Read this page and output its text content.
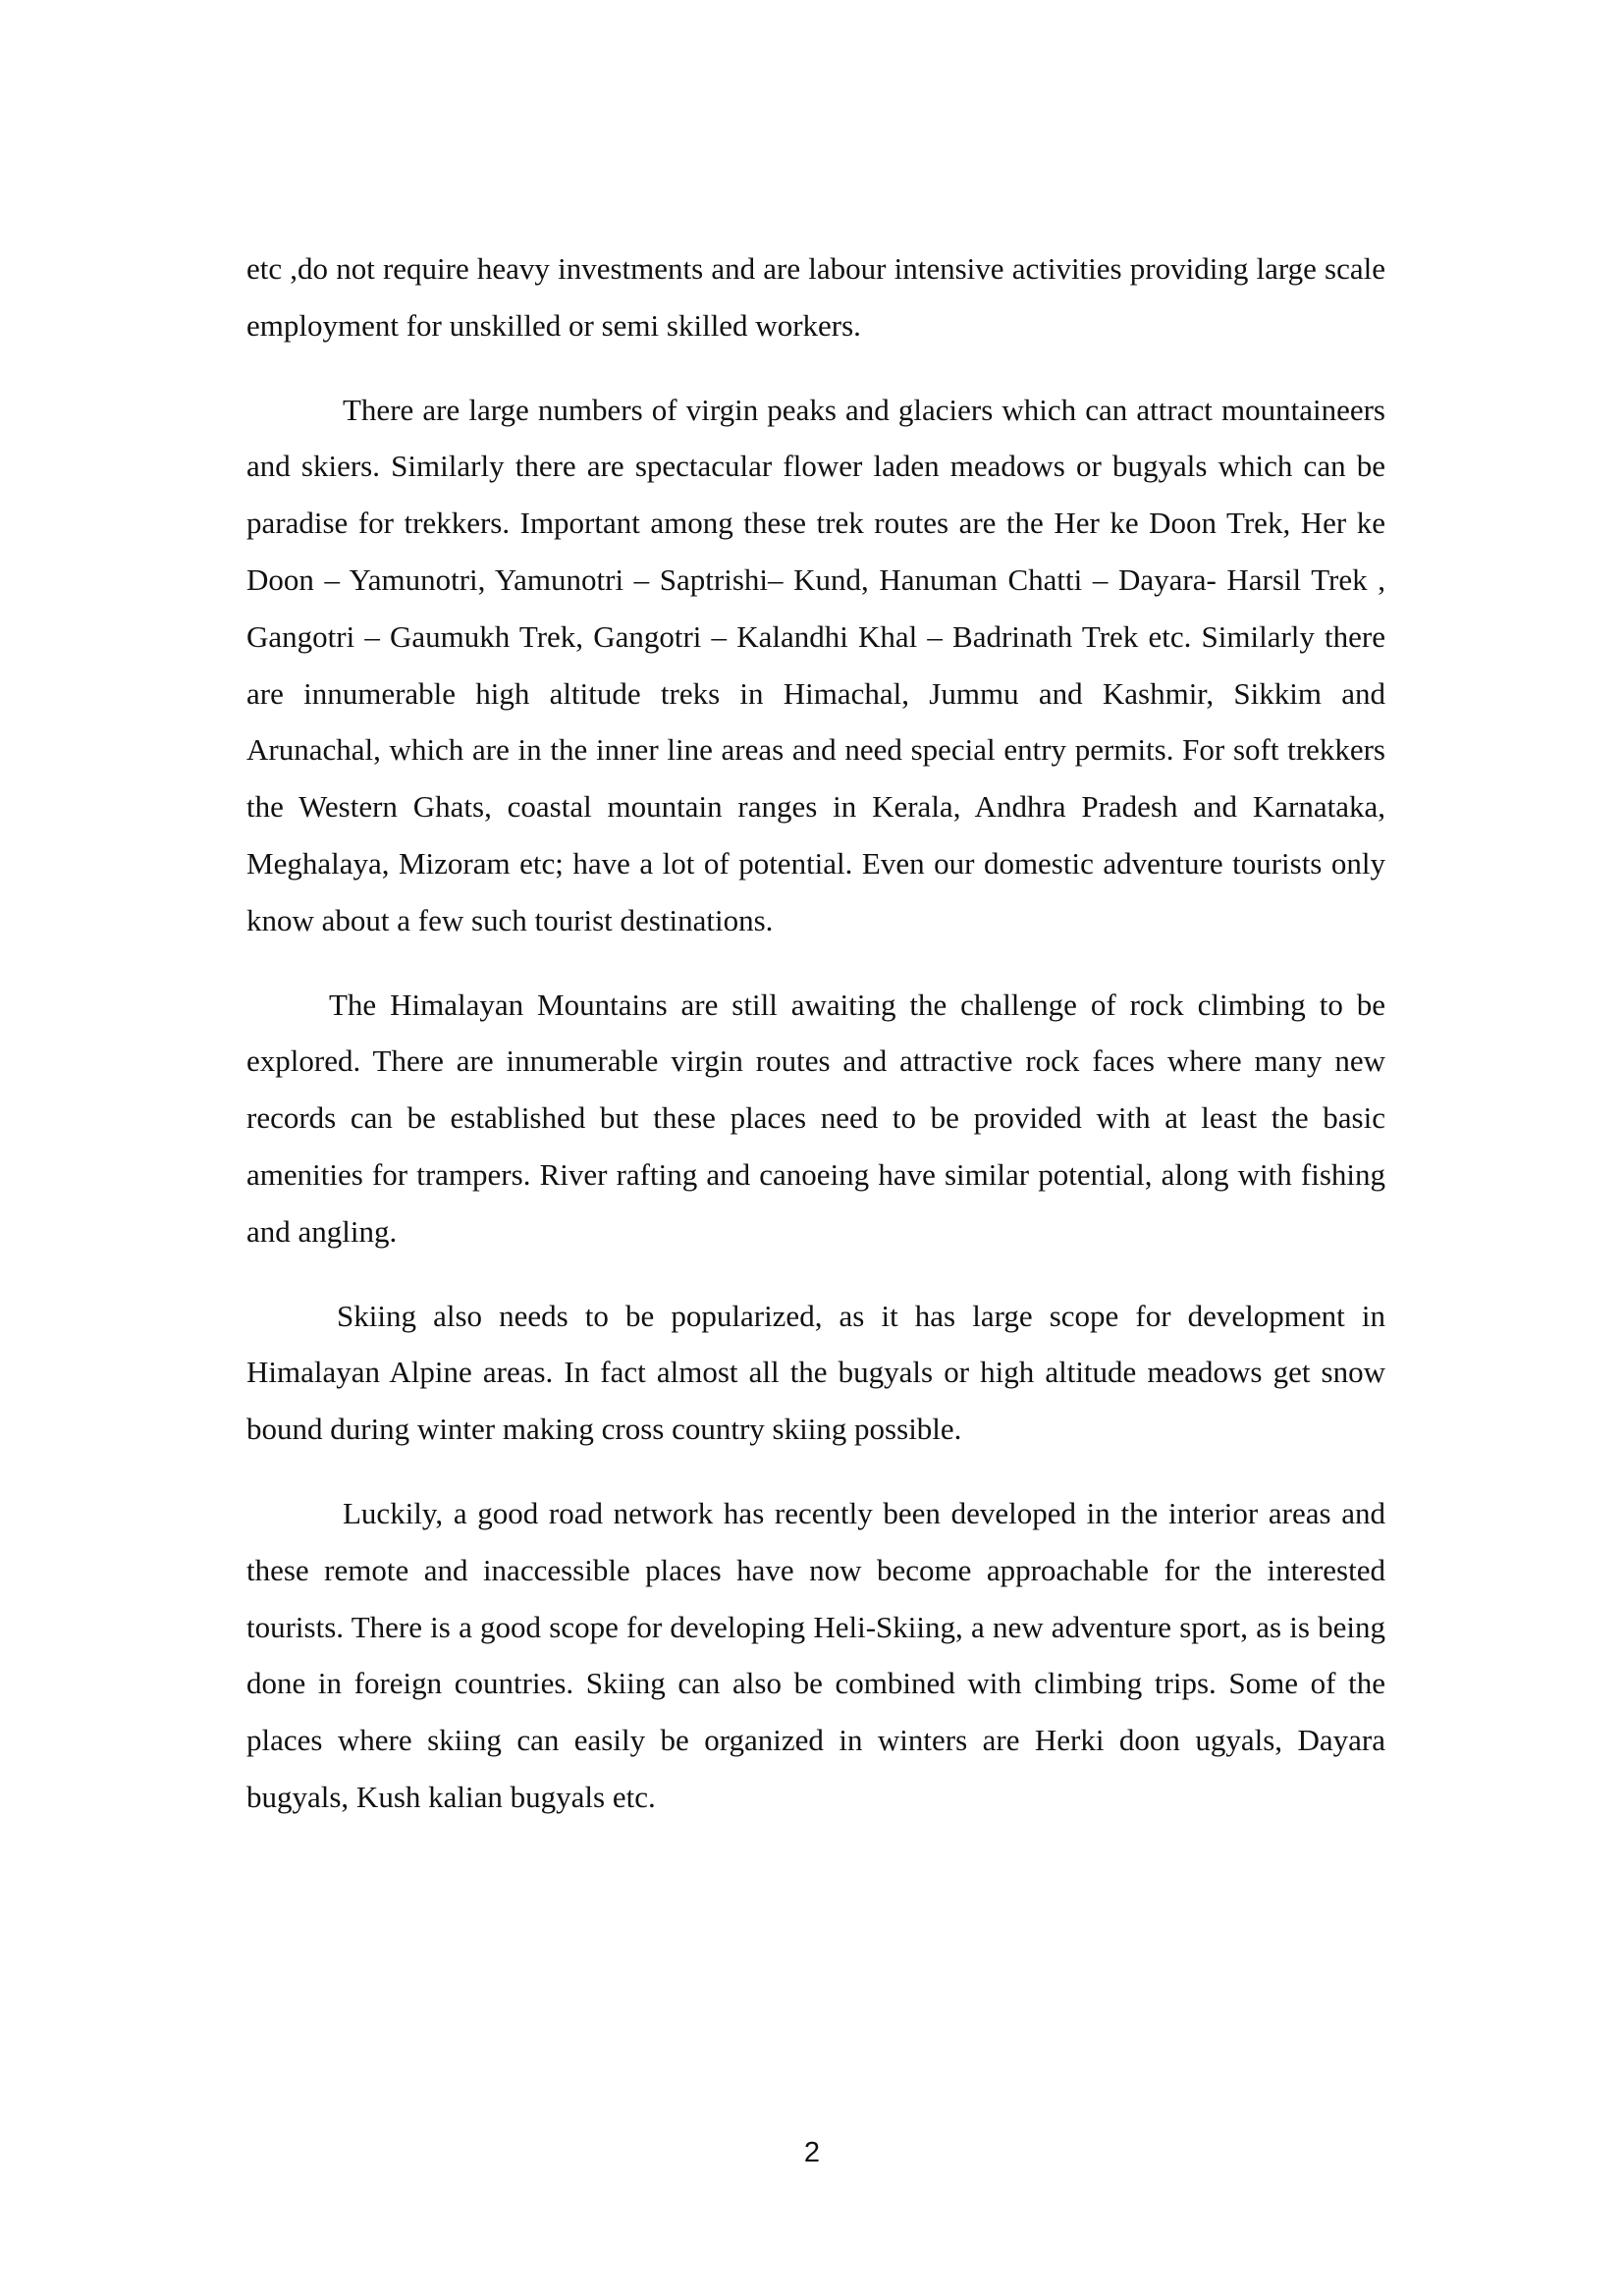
etc ,do not require heavy investments and are labour intensive activities providing large scale employment for unskilled or semi skilled workers.

There are large numbers of virgin peaks and glaciers which can attract mountaineers and skiers. Similarly there are spectacular flower laden meadows or bugyals which can be paradise for trekkers. Important among these trek routes are the Her ke Doon Trek, Her ke Doon – Yamunotri, Yamunotri – Saptrishi– Kund, Hanuman Chatti – Dayara- Harsil Trek , Gangotri – Gaumukh Trek, Gangotri – Kalandhi Khal – Badrinath Trek etc. Similarly there are innumerable high altitude treks in Himachal, Jummu and Kashmir, Sikkim and Arunachal, which are in the inner line areas and need special entry permits. For soft trekkers the Western Ghats, coastal mountain ranges in Kerala, Andhra Pradesh and Karnataka, Meghalaya, Mizoram etc; have a lot of potential. Even our domestic adventure tourists only know about a few such tourist destinations.

The Himalayan Mountains are still awaiting the challenge of rock climbing to be explored. There are innumerable virgin routes and attractive rock faces where many new records can be established but these places need to be provided with at least the basic amenities for trampers. River rafting and canoeing have similar potential, along with fishing and angling.

Skiing also needs to be popularized, as it has large scope for development in Himalayan Alpine areas. In fact almost all the bugyals or high altitude meadows get snow bound during winter making cross country skiing possible.

Luckily, a good road network has recently been developed in the interior areas and these remote and inaccessible places have now become approachable for the interested tourists. There is a good scope for developing Heli-Skiing, a new adventure sport, as is being done in foreign countries. Skiing can also be combined with climbing trips. Some of the places where skiing can easily be organized in winters are Herki doon ugyals, Dayara bugyals, Kush kalian bugyals etc.

2
